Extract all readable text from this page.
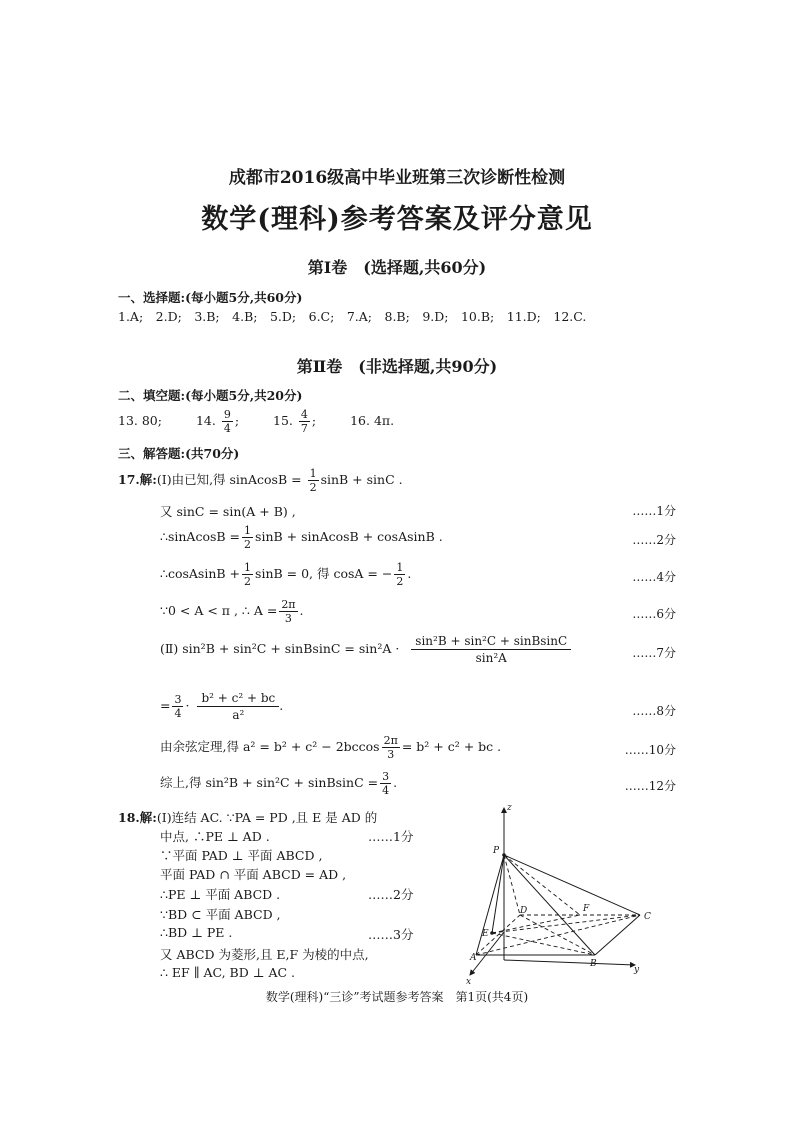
成都市2016级高中毕业班第三次诊断性检测
数学(理科)参考答案及评分意见
第Ⅰ卷　(选择题,共60分)
一、选择题:(每小题5分,共60分)
1.A;　2.D;　3.B;　4.B;　5.D;　6.C;　7.A;　8.B;　9.D;　10.B;　11.D;　12.C.
第Ⅱ卷　(非选择题,共90分)
二、填空题:(每小题5分,共20分)
13. 80;	14. $\frac{9}{4}$ ; 15. $\frac{4}{7}$ ; 16. 4π.
三、解答题:(共70分)
17.解:(Ⅰ)由已知,得 sinAcosB = $\frac{1}{2}$ sinB + sinC .
又 sinC = sin(A + B) ,	……1分
∴sinAcosB = $\frac{1}{2}$ sinB + sinAcosB + cosAsinB .	……2分
∴cosAsinB + $\frac{1}{2}$ sinB = 0, 得 cosA = − $\frac{1}{2}$ .	……4分
∵0 < A < π , ∴ $A = \frac{2\pi}{3}$ .	……6分
(Ⅱ) sin²B + sin²C + sinBsinC = $\sin^2A \cdot \frac{\text{sin²B + sin²C + sinBsinC}}{\text{sin²A}}$	……7分
= $\frac{3}{4} \cdot \frac{\text{b² + c² + bc}}{\text{a²}}$ .	……8分
由余弦定理,得 $a^2 = b^2 + c^2 - 2bccos \frac{2\pi}{3} = b^2 + c^2$ + bc .	……10分
综上,得 sin²B + sin²C + sinBsinC = $\frac{3}{4}$ .	……12分
18.解:(Ⅰ)连结 AC. ∵PA = PD ,且 E 是 AD 的
中点, ∴PE ⊥ AD .	……1分
∵平面 PAD ⊥ 平面 ABCD ,
平面 PAD ∩ 平面 ABCD = AD ,
∴PE ⊥ 平面 ABCD .	……2分
∵BD ⊂ 平面 ABCD ,
∴BD ⊥ PE .	……3分
又 ABCD 为菱形,且 E,F 为棱的中点,
∴ EF ∥ AC, BD ⊥ AC .
z
y
x
P
D	F
C
E
A
B
数学(理科)“三诊”考试题参考答案　第1页(共4页)
